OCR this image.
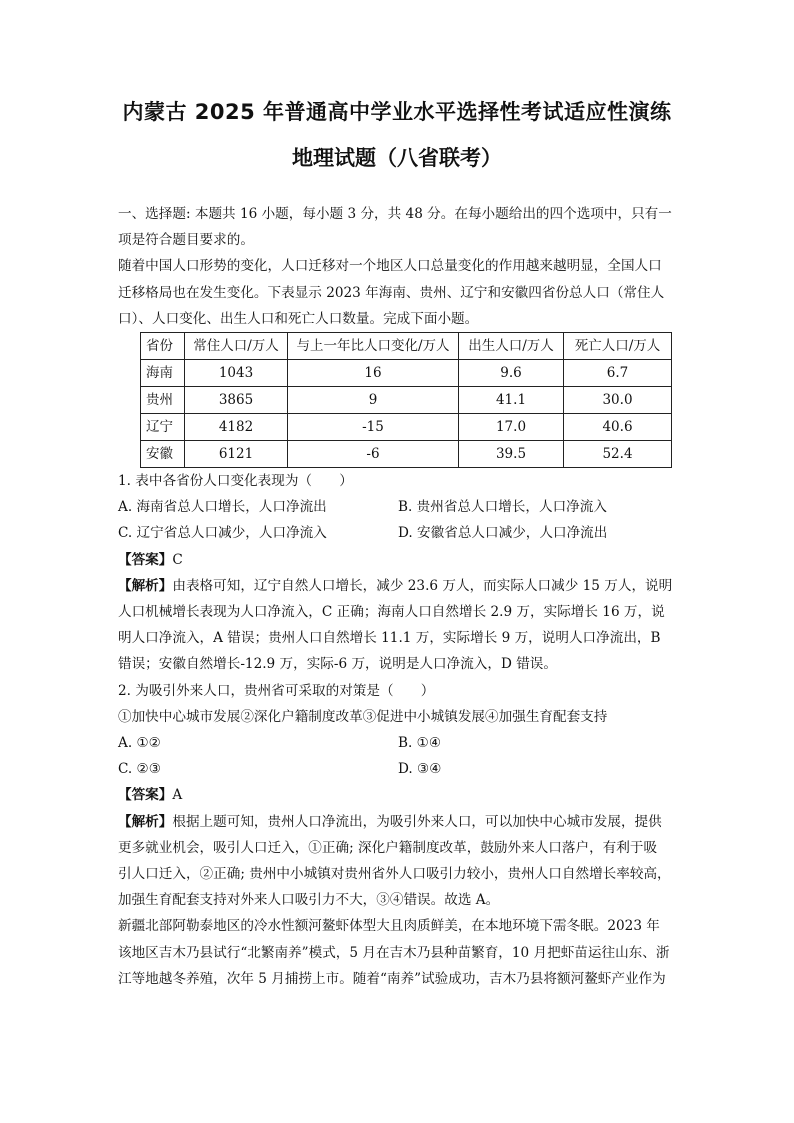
内蒙古 2025 年普通高中学业水平选择性考试适应性演练
地理试题（八省联考）

一、选择题: 本题共 16 小题，每小题 3 分，共 48 分。在每小题给出的四个选项中，只有一

项是符合题目要求的。

随着中国人口形势的变化，人口迁移对一个地区人口总量变化的作用越来越明显，全国人口

迁移格局也在发生变化。下表显示 2023 年海南、贵州、辽宁和安徽四省份总人口（常住人

口）、人口变化、出生人口和死亡人口数量。完成下面小题。

省份	常住人口/万人	与上一年比人口变化/万人	出生人口/万人	死亡人口/万人
海南	1043	16	9.6	6.7
贵州	3865	9	41.1	30.0
辽宁	4182	-15	17.0	40.6
安徽	6121	-6	39.5	52.4

1. 表中各省份人口变化表现为（　　）

A. 海南省总人口增长，人口净流出	B. 贵州省总人口增长，人口净流入
C. 辽宁省总人口减少，人口净流入	D. 安徽省总人口减少，人口净流出

【答案】C

【解析】由表格可知，辽宁自然人口增长，减少 23.6 万人，而实际人口减少 15 万人，说明

人口机械增长表现为人口净流入，C 正确；海南人口自然增长 2.9 万，实际增长 16 万，说

明人口净流入，A 错误；贵州人口自然增长 11.1 万，实际增长 9 万，说明人口净流出，B

错误；安徽自然增长-12.9 万，实际-6 万，说明是人口净流入，D 错误。

2. 为吸引外来人口，贵州省可采取的对策是（　　）

①加快中心城市发展②深化户籍制度改革③促进中小城镇发展④加强生育配套支持

A. ①②	B. ①④
C. ②③	D. ③④

【答案】A

【解析】根据上题可知，贵州人口净流出，为吸引外来人口，可以加快中心城市发展，提供

更多就业机会，吸引人口迁入，①正确; 深化户籍制度改革，鼓励外来人口落户，有利于吸

引人口迁入，②正确; 贵州中小城镇对贵州省外人口吸引力较小，贵州人口自然增长率较高，

加强生育配套支持对外来人口吸引力不大，③④错误。故选 A。

新疆北部阿勒泰地区的冷水性额河鳌虾体型大且肉质鲜美，在本地环境下需冬眠。2023 年

该地区吉木乃县试行“北繁南养”模式，5 月在吉木乃县种苗繁育，10 月把虾苗运往山东、浙

江等地越冬养殖，次年 5 月捕捞上市。随着“南养”试验成功，吉木乃县将额河鳌虾产业作为
